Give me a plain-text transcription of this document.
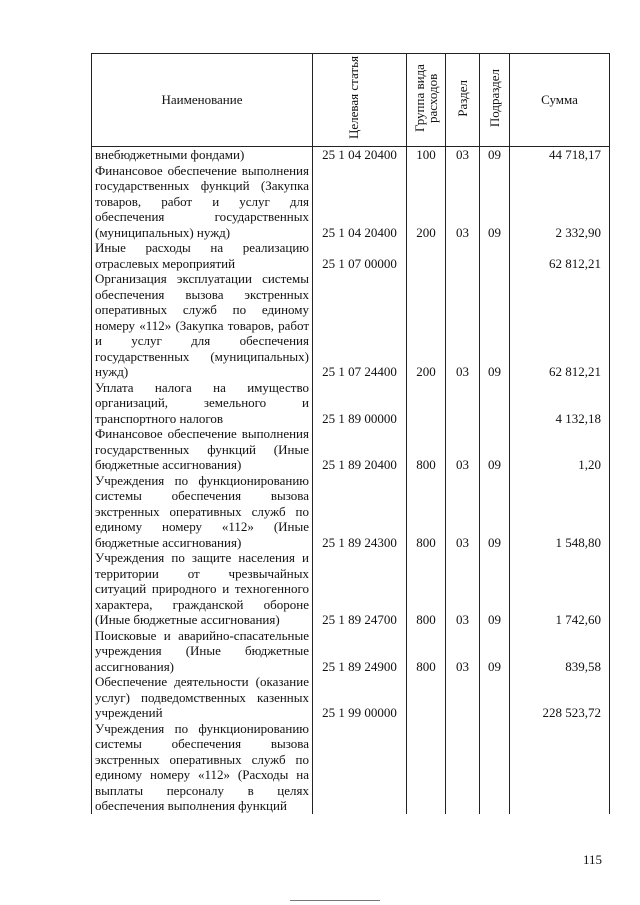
Наименование	Целевая статья	Группа вида расходов	Раздел	Подраздел	Сумма
внебюджетными фондами)	25 1 04 20400	100	03	09	44 718,17
Финансовое обеспечение выполнения государственных функций (Закупка товаров, работ и услуг для обеспечения государственных (муниципальных) нужд)	25 1 04 20400	200	03	09	2 332,90
Иные расходы на реализацию отраслевых мероприятий	25 1 07 00000				62 812,21
Организация эксплуатации системы обеспечения вызова экстренных оперативных служб по единому номеру «112» (Закупка товаров, работ и услуг для обеспечения государственных (муниципальных) нужд)	25 1 07 24400	200	03	09	62 812,21
Уплата налога на имущество организаций, земельного и транспортного налогов	25 1 89 00000				4 132,18
Финансовое обеспечение выполнения государственных функций (Иные бюджетные ассигнования)	25 1 89 20400	800	03	09	1,20
Учреждения по функционированию системы обеспечения вызова экстренных оперативных служб по единому номеру «112» (Иные бюджетные ассигнования)	25 1 89 24300	800	03	09	1 548,80
Учреждения по защите населения и территории от чрезвычайных ситуаций природного и техногенного характера, гражданской обороне (Иные бюджетные ассигнования)	25 1 89 24700	800	03	09	1 742,60
Поисковые и аварийно-спасательные учреждения (Иные бюджетные ассигнования)	25 1 89 24900	800	03	09	839,58
Обеспечение деятельности (оказание услуг) подведомственных казенных учреждений	25 1 99 00000				228 523,72
Учреждения по функционированию системы обеспечения вызова экстренных оперативных служб по единому номеру «112» (Расходы на выплаты персоналу в целях обеспечения выполнения функций					
115
